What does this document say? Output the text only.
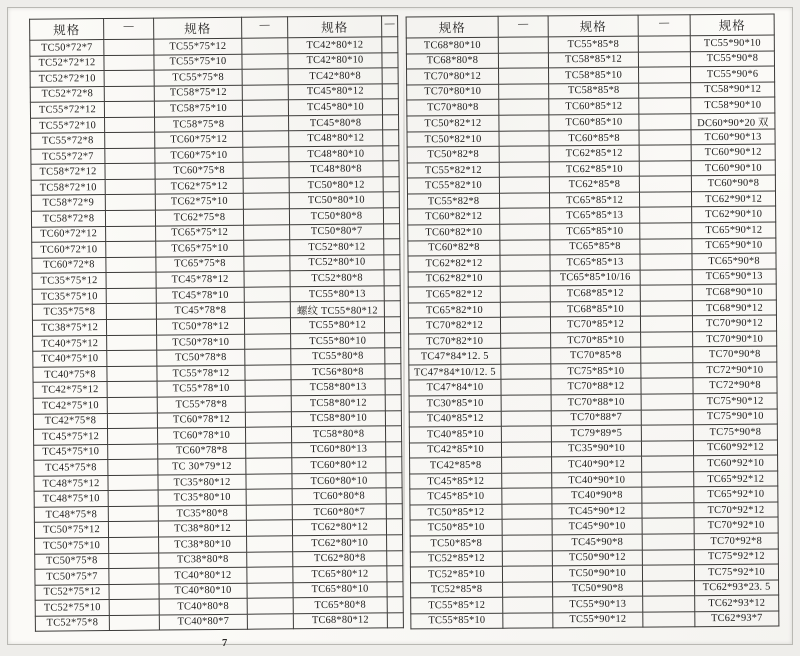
规格	—	规格	—	规格	—
TC50*72*7		TC55*75*12		TC42*80*12	
TC52*72*12		TC55*75*10		TC42*80*10	
TC52*72*10		TC55*75*8		TC42*80*8	
TC52*72*8		TC58*75*12		TC45*80*12	
TC55*72*12		TC58*75*10		TC45*80*10	
TC55*72*10		TC58*75*8		TC45*80*8	
TC55*72*8		TC60*75*12		TC48*80*12	
TC55*72*7		TC60*75*10		TC48*80*10	
TC58*72*12		TC60*75*8		TC48*80*8	
TC58*72*10		TC62*75*12		TC50*80*12	
TC58*72*9		TC62*75*10		TC50*80*10	
TC58*72*8		TC62*75*8		TC50*80*8	
TC60*72*12		TC65*75*12		TC50*80*7	
TC60*72*10		TC65*75*10		TC52*80*12	
TC60*72*8		TC65*75*8		TC52*80*10	
TC35*75*12		TC45*78*12		TC52*80*8	
TC35*75*10		TC45*78*10		TC55*80*13	
TC35*75*8		TC45*78*8		螺纹 TC55*80*12	
TC38*75*12		TC50*78*12		TC55*80*12	
TC40*75*12		TC50*78*10		TC55*80*10	
TC40*75*10		TC50*78*8		TC55*80*8	
TC40*75*8		TC55*78*12		TC56*80*8	
TC42*75*12		TC55*78*10		TC58*80*13	
TC42*75*10		TC55*78*8		TC58*80*12	
TC42*75*8		TC60*78*12		TC58*80*10	
TC45*75*12		TC60*78*10		TC58*80*8	
TC45*75*10		TC60*78*8		TC60*80*13	
TC45*75*8		TC 30*79*12		TC60*80*12	
TC48*75*12		TC35*80*12		TC60*80*10	
TC48*75*10		TC35*80*10		TC60*80*8	
TC48*75*8		TC35*80*8		TC60*80*7	
TC50*75*12		TC38*80*12		TC62*80*12	
TC50*75*10		TC38*80*10		TC62*80*10	
TC50*75*8		TC38*80*8		TC62*80*8	
TC50*75*7		TC40*80*12		TC65*80*12	
TC52*75*12		TC40*80*10		TC65*80*10	
TC52*75*10		TC40*80*8		TC65*80*8	
TC52*75*8		TC40*80*7		TC68*80*12	
规格	—	规格	—	规格
TC68*80*10		TC55*85*8		TC55*90*10
TC68*80*8		TC58*85*12		TC55*90*8
TC70*80*12		TC58*85*10		TC55*90*6
TC70*80*10		TC58*85*8		TC58*90*12
TC70*80*8		TC60*85*12		TC58*90*10
TC50*82*12		TC60*85*10		DC60*90*20 双
TC50*82*10		TC60*85*8		TC60*90*13
TC50*82*8		TC62*85*12		TC60*90*12
TC55*82*12		TC62*85*10		TC60*90*10
TC55*82*10		TC62*85*8		TC60*90*8
TC55*82*8		TC65*85*12		TC62*90*12
TC60*82*12		TC65*85*13		TC62*90*10
TC60*82*10		TC65*85*10		TC65*90*12
TC60*82*8		TC65*85*8		TC65*90*10
TC62*82*12		TC65*85*13		TC65*90*8
TC62*82*10		TC65*85*10/16		TC65*90*13
TC65*82*12		TC68*85*12		TC68*90*10
TC65*82*10		TC68*85*10		TC68*90*12
TC70*82*12		TC70*85*12		TC70*90*12
TC70*82*10		TC70*85*10		TC70*90*10
TC47*84*12. 5		TC70*85*8		TC70*90*8
TC47*84*10/12. 5		TC75*85*10		TC72*90*10
TC47*84*10		TC70*88*12		TC72*90*8
TC30*85*10		TC70*88*10		TC75*90*12
TC40*85*12		TC70*88*7		TC75*90*10
TC40*85*10		TC79*89*5		TC75*90*8
TC42*85*10		TC35*90*10		TC60*92*12
TC42*85*8		TC40*90*12		TC60*92*10
TC45*85*12		TC40*90*10		TC65*92*12
TC45*85*10		TC40*90*8		TC65*92*10
TC50*85*12		TC45*90*12		TC70*92*12
TC50*85*10		TC45*90*10		TC70*92*10
TC50*85*8		TC45*90*8		TC70*92*8
TC52*85*12		TC50*90*12		TC75*92*12
TC52*85*10		TC50*90*10		TC75*92*10
TC52*85*8		TC50*90*8		TC62*93*23. 5
TC55*85*12		TC55*90*13		TC62*93*12
TC55*85*10		TC55*90*12		TC62*93*7
7
